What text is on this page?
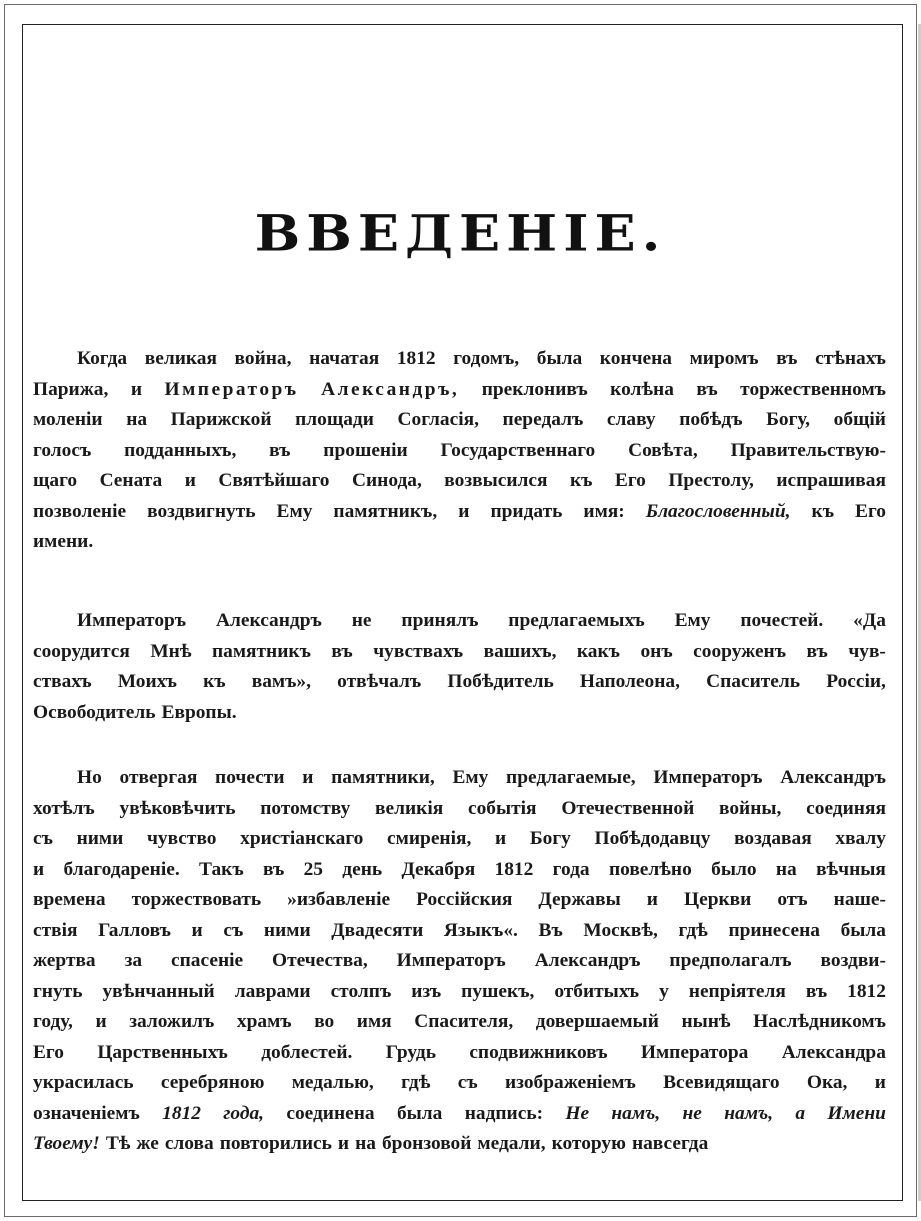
ВВЕДЕНIЕ.
Когда великая война, начатая 1812 годомъ, была кончена миромъ въ стѣнахъ
Парижа, и Императоръ Александръ, преклонивъ колѣна въ торжественномъ
моленiи на Парижской площади Согласiя, передалъ славу побѣдъ Богу, общiй
голосъ подданныхъ, въ прошенiи Государственнаго Совѣта, Правительствую-
щаго Сената и Святѣйшаго Синода, возвысился къ Его Престолу, испрашивая
позволенiе воздвигнуть Ему памятникъ, и придать имя: Благословенный, къ Его
имени.
Императоръ Александръ не принялъ предлагаемыхъ Ему почестей. «Да
соорудится Мнѣ памятникъ въ чувствахъ вашихъ, какъ онъ сооруженъ въ чув-
ствахъ Моихъ къ вамъ», отвѣчалъ Побѣдитель Наполеона, Спаситель Россiи,
Освободитель Европы.
Но отвергая почести и памятники, Ему предлагаемые, Императоръ Александръ
хотѣлъ увѣковѣчить потомству великiя событiя Отечественной войны, соединяя
съ ними чувство христiанскаго смиренiя, и Богу Побѣдодавцу воздавая хвалу
и благодаренiе. Такъ въ 25 день Декабря 1812 года повелѣно было на вѣчныя
времена торжествовать »избавленiе Россiйския Державы и Церкви отъ наше-
ствiя Галловъ и съ ними Двадесяти Языкъ«. Въ Москвѣ, гдѣ принесена была
жертва за спасенiе Отечества, Императоръ Александръ предполагалъ воздви-
гнуть увѣнчанный лаврами столпъ изъ пушекъ, отбитыхъ у непрiятеля въ 1812
году, и заложилъ храмъ во имя Спасителя, довершаемый нынѣ Наслѣдникомъ
Его Царственныхъ доблестей. Грудь сподвижниковъ Императора Александра
украсилась серебряною медалью, гдѣ съ изображенiемъ Всевидящаго Ока, и
означенiемъ 1812 года, соединена была надпись: Не намъ, не намъ, а Имени
Твоему! Тѣ же слова повторились и на бронзовой медали, которую навсегда
